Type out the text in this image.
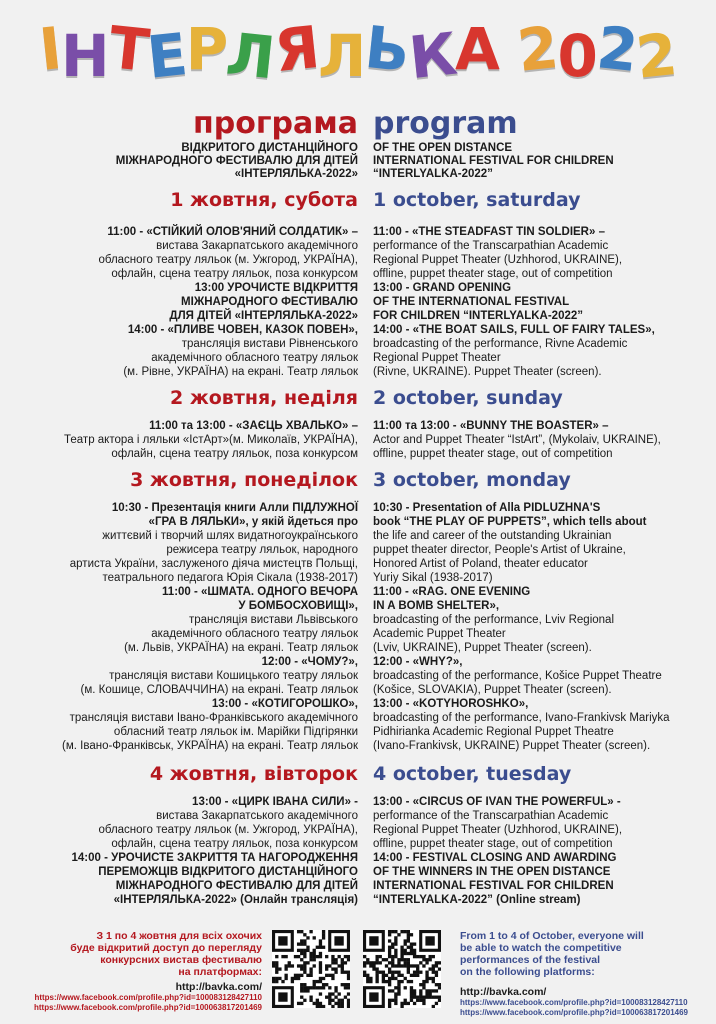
ІНТЕРЛЯЛЬКА 2022
програма
ВІДКРИТОГО ДИСТАНЦІЙНОГО
МІЖНАРОДНОГО ФЕСТИВАЛЮ ДЛЯ ДІТЕЙ
«ІНТЕРЛЯЛЬКА-2022»
1 жовтня, субота
11:00 - «СТІЙКИЙ ОЛОВ'ЯНИЙ СОЛДАТИК» –
вистава Закарпатського академічного
обласного театру ляльок (м. Ужгород, УКРАЇНА),
офлайн, сцена театру ляльок, поза конкурсом
13:00 УРОЧИСТЕ ВІДКРИТТЯ
МІЖНАРОДНОГО ФЕСТИВАЛЮ
ДЛЯ ДІТЕЙ «ІНТЕРЛЯЛЬКА-2022»
14:00 - «ПЛИВЕ ЧОВЕН, КАЗОК ПОВЕН»,
трансляція вистави Рівненського
академічного обласного театру ляльок
(м. Рівне, УКРАЇНА) на екрані. Театр ляльок
2 жовтня, неділя
11:00 та 13:00 - «ЗАЄЦЬ ХВАЛЬКО» –
Театр актора і ляльки «ІстАрт»(м. Миколаїв, УКРАЇНА),
офлайн, сцена театру ляльок, поза конкурсом
3 жовтня, понеділок
10:30 - Презентація книги Алли ПІДЛУЖНОЇ
«ГРА В ЛЯЛЬКИ», у якій йдеться про
життєвий і творчий шлях видатногоукраїнського
режисера театру ляльок, народного
артиста України, заслуженого діяча мистецтв Польщі,
театрального педагога Юрія Сікала (1938-2017)
11:00 - «ШМАТА. ОДНОГО ВЕЧОРА
У БОМБОСХОВИЩІ»,
трансляція вистави Львівського
академічного обласного театру ляльок
(м. Львів, УКРАЇНА) на екрані. Театр ляльок
12:00 - «ЧОМУ?»,
трансляція вистави Кошицького театру ляльок
(м. Кошице, СЛОВАЧЧИНА) на екрані. Театр ляльок
13:00 - «КОТИГОРОШКО»,
трансляція вистави Івано-Франківського академічного
обласний театр ляльок ім. Марійки Підгірянки
(м. Івано-Франківськ, УКРАЇНА) на екрані. Театр ляльок
4 жовтня, вівторок
13:00 - «ЦИРК ІВАНА СИЛИ» -
вистава Закарпатського академічного
обласного театру ляльок (м. Ужгород, УКРАЇНА),
офлайн, сцена театру ляльок, поза конкурсом
14:00 - УРОЧИСТЕ ЗАКРИТТЯ ТА НАГОРОДЖЕННЯ
ПЕРЕМОЖЦІВ ВІДКРИТОГО ДИСТАНЦІЙНОГО
МІЖНАРОДНОГО ФЕСТИВАЛЮ ДЛЯ ДІТЕЙ
«ІНТЕРЛЯЛЬКА-2022» (Онлайн трансляція)
program
OF THE OPEN DISTANCE
INTERNATIONAL FESTIVAL FOR CHILDREN
“INTERLYALKA-2022”
1 october, saturday
11:00 - «THE STEADFAST TIN SOLDIER» –
performance of the Transcarpathian Academic
Regional Puppet Theater (Uzhhorod, UKRAINE),
offline, puppet theater stage, out of competition
13:00 - GRAND OPENING
OF THE INTERNATIONAL FESTIVAL
FOR CHILDREN “INTERLYALKA-2022”
14:00 - «THE BOAT SAILS, FULL OF FAIRY TALES»,
broadcasting of the performance, Rivne Academic
Regional Puppet Theater
(Rivne, UKRAINE). Puppet Theater (screen).
2 october, sunday
11:00 та 13:00 - «BUNNY THE BOASTER» –
Actor and Puppet Theater “IstArt”, (Mykolaiv, UKRAINE),
offline, puppet theater stage, out of competition
3 october, monday
10:30 - Presentation of Alla PIDLUZHNA'S
book “THE PLAY OF PUPPETS”, which tells about
the life and career of the outstanding Ukrainian
puppet theater director, People's Artist of Ukraine,
Honored Artist of Poland, theater educator
Yuriy Sikal (1938-2017)
11:00 - «RAG. ONE EVENING
IN A BOMB SHELTER»,
broadcasting of the performance, Lviv Regional
Academic Puppet Theater
(Lviv, UKRAINE), Puppet Theater (screen).
12:00 - «WHY?»,
broadcasting of the performance, Košice Puppet Theatre
(Košice, SLOVAKIA), Puppet Theater (screen).
13:00 - «KOTYHOROSHKO»,
broadcasting of the performance, Ivano-Frankivsk Mariyka
Pidhirianka Academic Regional Puppet Theatre
(Ivano-Frankivsk, UKRAINE) Puppet Theater (screen).
4 october, tuesday
13:00 - «CIRCUS OF IVAN THE POWERFUL» -
performance of the Transcarpathian Academic
Regional Puppet Theater (Uzhhorod, UKRAINE),
offline, puppet theater stage, out of competition
14:00 - FESTIVAL CLOSING AND AWARDING
OF THE WINNERS IN THE OPEN DISTANCE
INTERNATIONAL FESTIVAL FOR CHILDREN
“INTERLYALKA-2022” (Online stream)
З 1 по 4 жовтня для всіх охочих
буде відкритий доступ до перегляду
конкурсних вистав фестивалю
на платформах:
http://bavka.com/
https://www.facebook.com/profile.php?id=100083128427110
https://www.facebook.com/profile.php?id=100063817201469
From 1 to 4 of October, everyone will
be able to watch the competitive
performances of the festival
on the following platforms:
http://bavka.com/
https://www.facebook.com/profile.php?id=100083128427110
https://www.facebook.com/profile.php?id=100063817201469
